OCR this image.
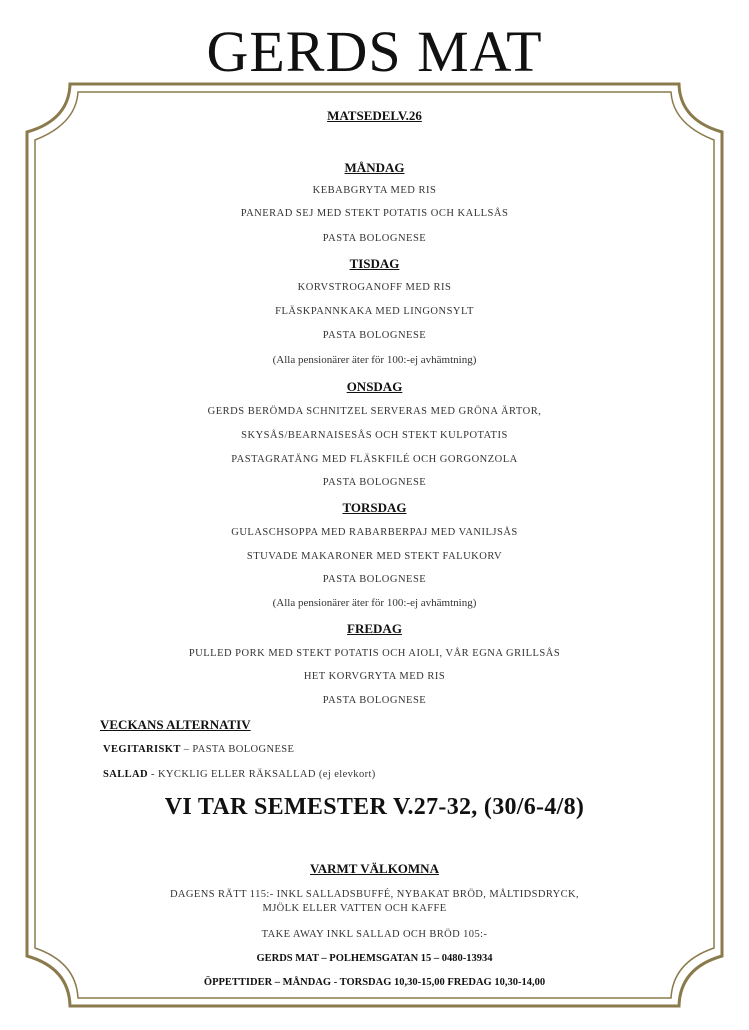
GERDS MAT
MATSEDELV.26
MÅNDAG
KEBABGRYTA MED RIS
PANERAD SEJ MED STEKT POTATIS OCH KALLSÅS
PASTA BOLOGNESE
TISDAG
KORVSTROGANOFF MED RIS
FLÄSKPANNKAKA MED LINGONSYLT
PASTA BOLOGNESE
(Alla pensionärer äter för 100:-ej avhämtning)
ONSDAG
GERDS BERÖMDA SCHNITZEL SERVERAS MED GRÖNA ÄRTOR,
SKYSÅS/BEARNAISESÅS OCH STEKT KULPOTATIS
PASTAGRATÄNG MED FLÄSKFILÉ OCH GORGONZOLA
PASTA BOLOGNESE
TORSDAG
GULASCHSOPPA MED RABARBERPAJ MED VANILJSÅS
STUVADE MAKARONER MED STEKT FALUKORV
PASTA BOLOGNESE
(Alla pensionärer äter för 100:-ej avhämtning)
FREDAG
PULLED PORK MED STEKT POTATIS OCH AIOLI, VÅR EGNA GRILLSÅS
HET KORVGRYTA MED RIS
PASTA BOLOGNESE
VECKANS ALTERNATIV
VEGITARISKT – PASTA BOLOGNESE
SALLAD - KYCKLIG ELLER RÄKSALLAD (ej elevkort)
VI TAR SEMESTER V.27-32, (30/6-4/8)
VARMT VÄLKOMNA
DAGENS RÄTT 115:- INKL SALLADSBUFFÉ, NYBAKAT BRÖD, MÅLTIDSDRYCK,
MJÖLK ELLER VATTEN OCH KAFFE
TAKE AWAY INKL SALLAD OCH BRÖD 105:-
GERDS MAT – POLHEMSGATAN 15 – 0480-13934
ÖPPETTIDER – MÅNDAG - TORSDAG 10,30-15,00 FREDAG 10,30-14,00
